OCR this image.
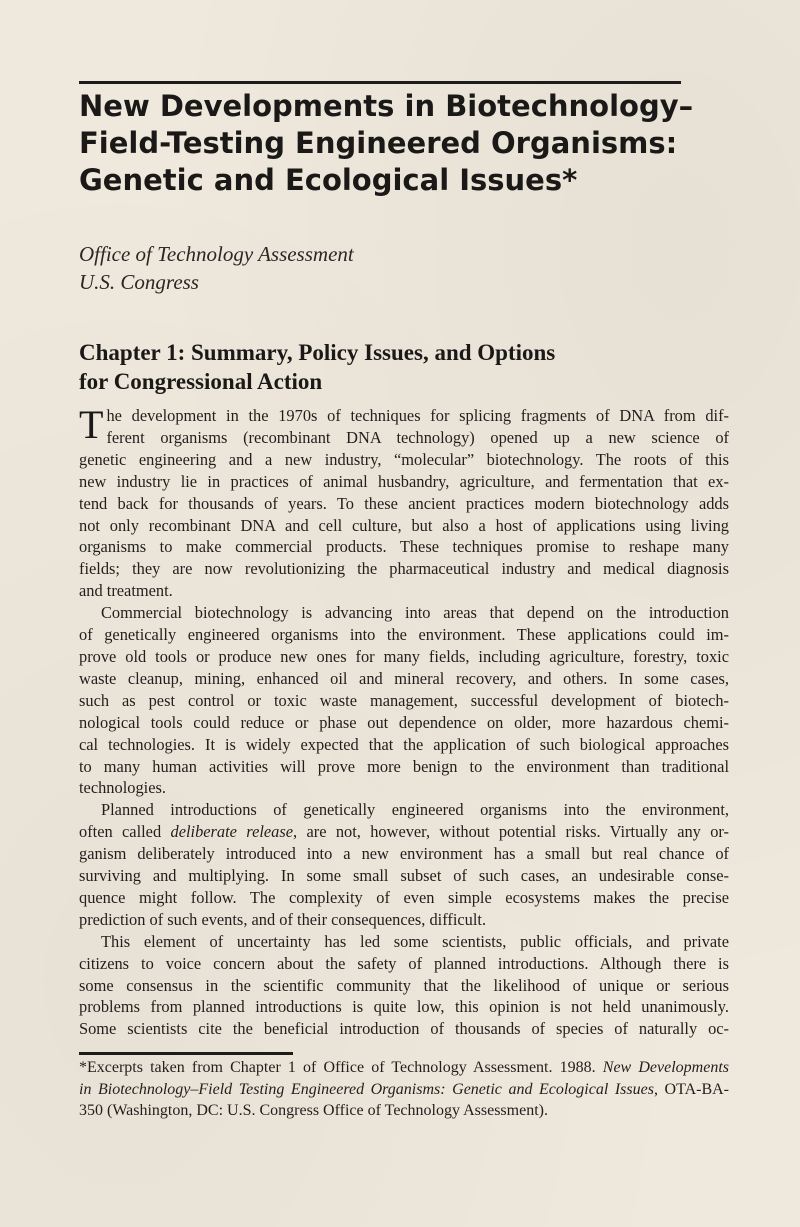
New Developments in Biotechnology–
Field-Testing Engineered Organisms:
Genetic and Ecological Issues*
Office of Technology Assessment
U.S. Congress
Chapter 1: Summary, Policy Issues, and Options
for Congressional Action

T he development in the 1970s of techniques for splicing fragments of DNA from dif-
ferent organisms (recombinant DNA technology) opened up a new science of
genetic engineering and a new industry, “molecular” biotechnology. The roots of this
new industry lie in practices of animal husbandry, agriculture, and fermentation that ex-
tend back for thousands of years. To these ancient practices modern biotechnology adds
not only recombinant DNA and cell culture, but also a host of applications using living
organisms to make commercial products. These techniques promise to reshape many
fields; they are now revolutionizing the pharmaceutical industry and medical diagnosis
and treatment.

Commercial biotechnology is advancing into areas that depend on the introduction
of genetically engineered organisms into the environment. These applications could im-
prove old tools or produce new ones for many fields, including agriculture, forestry, toxic
waste cleanup, mining, enhanced oil and mineral recovery, and others. In some cases,
such as pest control or toxic waste management, successful development of biotech-
nological tools could reduce or phase out dependence on older, more hazardous chemi-
cal technologies. It is widely expected that the application of such biological approaches
to many human activities will prove more benign to the environment than traditional
technologies.

Planned introductions of genetically engineered organisms into the environment,
often called deliberate release, are not, however, without potential risks. Virtually any or-
ganism deliberately introduced into a new environment has a small but real chance of
surviving and multiplying. In some small subset of such cases, an undesirable conse-
quence might follow. The complexity of even simple ecosystems makes the precise
prediction of such events, and of their consequences, difficult.

This element of uncertainty has led some scientists, public officials, and private
citizens to voice concern about the safety of planned introductions. Although there is
some consensus in the scientific community that the likelihood of unique or serious
problems from planned introductions is quite low, this opinion is not held unanimously.
Some scientists cite the beneficial introduction of thousands of species of naturally oc-

*Excerpts taken from Chapter 1 of Office of Technology Assessment. 1988. New Developments
in Biotechnology–Field Testing Engineered Organisms: Genetic and Ecological Issues, OTA-BA-
350 (Washington, DC: U.S. Congress Office of Technology Assessment).
